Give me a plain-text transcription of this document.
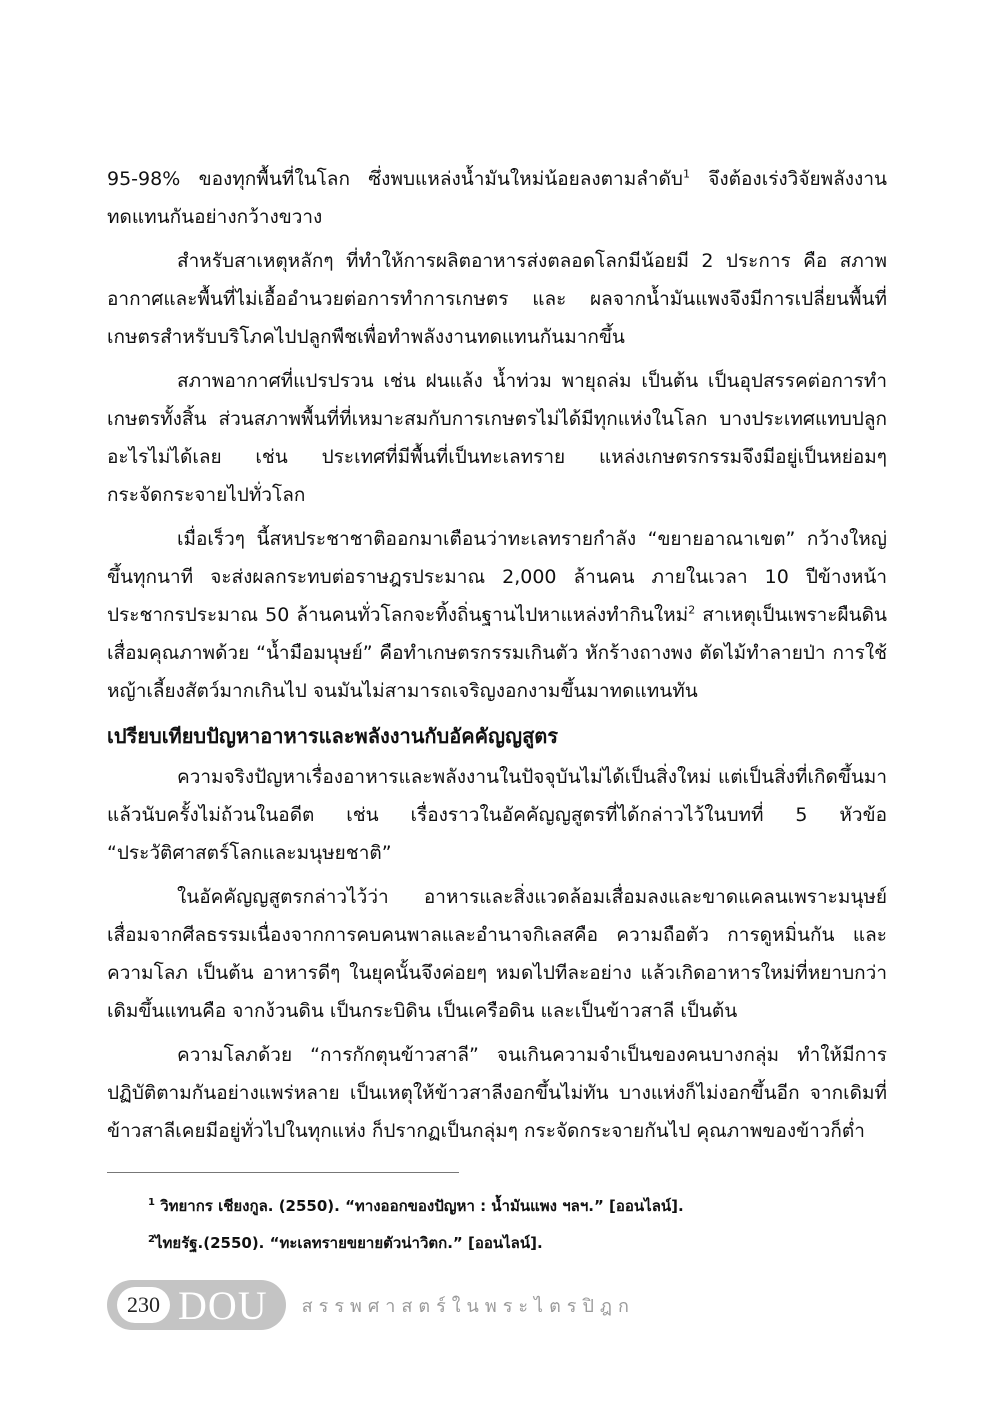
95-98% ของทุกพื้นที่ในโลก ซึ่งพบแหล่งน้ำมันใหม่น้อยลงตามลำดับ$^1$ จึงต้องเร่งวิจัยพลังงานทดแทนกันอย่างกว้างขวาง

สำหรับสาเหตุหลักๆ ที่ทำให้การผลิตอาหารส่งตลอดโลกมีน้อยมี 2 ประการ คือ สภาพอากาศและพื้นที่ไม่เอื้ออำนวยต่อการทำการเกษตร และ ผลจากน้ำมันแพงจึงมีการเปลี่ยนพื้นที่เกษตรสำหรับบริโภคไปปลูกพืชเพื่อทำพลังงานทดแทนกันมากขึ้น

สภาพอากาศที่แปรปรวน เช่น ฝนแล้ง น้ำท่วม พายุถล่ม เป็นต้น เป็นอุปสรรคต่อการทำเกษตรทั้งสิ้น ส่วนสภาพพื้นที่ที่เหมาะสมกับการเกษตรไม่ได้มีทุกแห่งในโลก บางประเทศแทบปลูกอะไรไม่ได้เลย เช่น ประเทศที่มีพื้นที่เป็นทะเลทราย แหล่งเกษตรกรรมจึงมีอยู่เป็นหย่อมๆ กระจัดกระจายไปทั่วโลก

เมื่อเร็วๆ นี้สหประชาชาติออกมาเตือนว่าทะเลทรายกำลัง “ขยายอาณาเขต” กว้างใหญ่ขึ้นทุกนาที จะส่งผลกระทบต่อราษฎรประมาณ 2,000 ล้านคน ภายในเวลา 10 ปีข้างหน้า ประชากรประมาณ 50 ล้านคนทั่วโลกจะทิ้งถิ่นฐานไปหาแหล่งทำกินใหม่$^2$ สาเหตุเป็นเพราะผืนดินเสื่อมคุณภาพด้วย “น้ำมือมนุษย์” คือทำเกษตรกรรมเกินตัว หักร้างถางพง ตัดไม้ทำลายป่า การใช้หญ้าเลี้ยงสัตว์มากเกินไป จนมันไม่สามารถเจริญงอกงามขึ้นมาทดแทนทัน

เปรียบเทียบปัญหาอาหารและพลังงานกับอัคคัญญสูตร

ความจริงปัญหาเรื่องอาหารและพลังงานในปัจจุบันไม่ได้เป็นสิ่งใหม่ แต่เป็นสิ่งที่เกิดขึ้นมาแล้วนับครั้งไม่ถ้วนในอดีต เช่น เรื่องราวในอัคคัญญสูตรที่ได้กล่าวไว้ในบทที่ 5 หัวข้อ “ประวัติศาสตร์โลกและมนุษยชาติ”

ในอัคคัญญสูตรกล่าวไว้ว่า อาหารและสิ่งแวดล้อมเสื่อมลงและขาดแคลนเพราะมนุษย์เสื่อมจากศีลธรรมเนื่องจากการคบคนพาลและอำนาจกิเลสคือ ความถือตัว การดูหมิ่นกัน และ ความโลภ เป็นต้น อาหารดีๆ ในยุคนั้นจึงค่อยๆ หมดไปทีละอย่าง แล้วเกิดอาหารใหม่ที่หยาบกว่าเดิมขึ้นแทนคือ จากง้วนดิน เป็นกระบิดิน เป็นเครือดิน และเป็นข้าวสาลี เป็นต้น

ความโลภด้วย “การกักตุนข้าวสาลี” จนเกินความจำเป็นของคนบางกลุ่ม ทำให้มีการปฏิบัติตามกันอย่างแพร่หลาย เป็นเหตุให้ข้าวสาลีงอกขึ้นไม่ทัน บางแห่งก็ไม่งอกขึ้นอีก จากเดิมที่ข้าวสาลีเคยมีอยู่ทั่วไปในทุกแห่ง ก็ปรากฏเป็นกลุ่มๆ กระจัดกระจายกันไป คุณภาพของข้าวก็ต่ำ

$^1$ วิทยากร เชียงกูล. (2550). “ทางออกของปัญหา : น้ำมันแพง ฯลฯ.” [ออนไลน์].
$^2$ไทยรัฐ.(2550). “ทะเลทรายขยายตัวน่าวิตก.” [ออนไลน์].
230 DOU สรรพศาสตร์ในพระไตรปิฎก
